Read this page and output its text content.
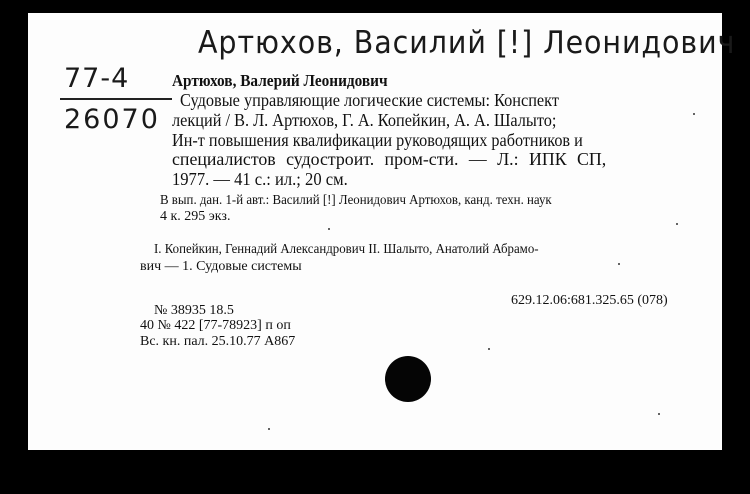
Артюхов, Василий [!] Леонидович
77-4
26070
Артюхов, Валерий Леонидович
Судовые управляющие логические системы: Конспект
лекций / В. Л. Артюхов, Г. А. Копейкин, А. А. Шалыто;
Ин-т повышения квалификации руководящих работников и
специалистов судостроит. пром-сти. — Л.: ИПК СП,
1977. — 41 с.: ил.; 20 см.
В вып. дан. 1-й авт.: Василий [!] Леонидович Артюхов, канд. техн. наук
4 к. 295 экз.
I. Копейкин, Геннадий Александрович II. Шалыто, Анатолий Абрамо-
вич — 1. Судовые системы
629.12.06:681.325.65 (078)
№ 38935 18.5
40 № 422 [77-78923] п оп
Вс. кн. пал. 25.10.77 А867
